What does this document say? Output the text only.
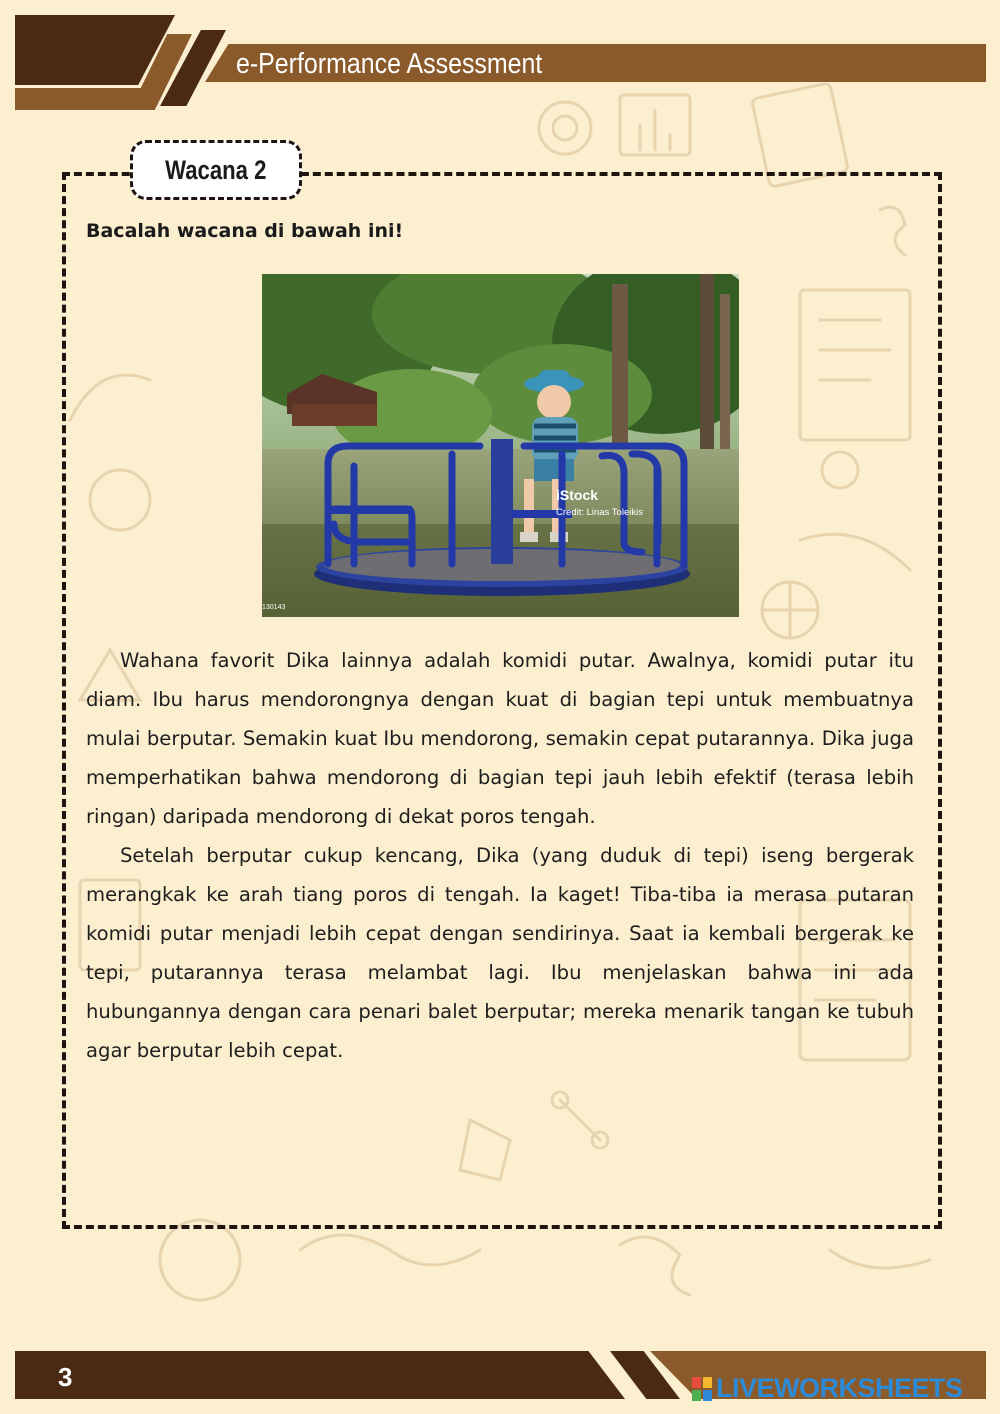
e-Performance Assessment
Wacana 2
Bacalah wacana di bawah ini!
iStock
Credit: Linas Toleikis
130143

Wahana favorit Dika lainnya adalah komidi putar. Awalnya, komidi putar itu diam. Ibu harus mendorongnya dengan kuat di bagian tepi untuk membuatnya mulai berputar. Semakin kuat Ibu mendorong, semakin cepat putarannya. Dika juga memperhatikan bahwa mendorong di bagian tepi jauh lebih efektif (terasa lebih ringan) daripada mendorong di dekat poros tengah.

Setelah berputar cukup kencang, Dika (yang duduk di tepi) iseng bergerak merangkak ke arah tiang poros di tengah. Ia kaget! Tiba-tiba ia merasa putaran komidi putar menjadi lebih cepat dengan sendirinya. Saat ia kembali bergerak ke tepi, putarannya terasa melambat lagi. Ibu menjelaskan bahwa ini ada hubungannya dengan cara penari balet berputar; mereka menarik tangan ke tubuh agar berputar lebih cepat.

3	LIVEWORKSHEETS
